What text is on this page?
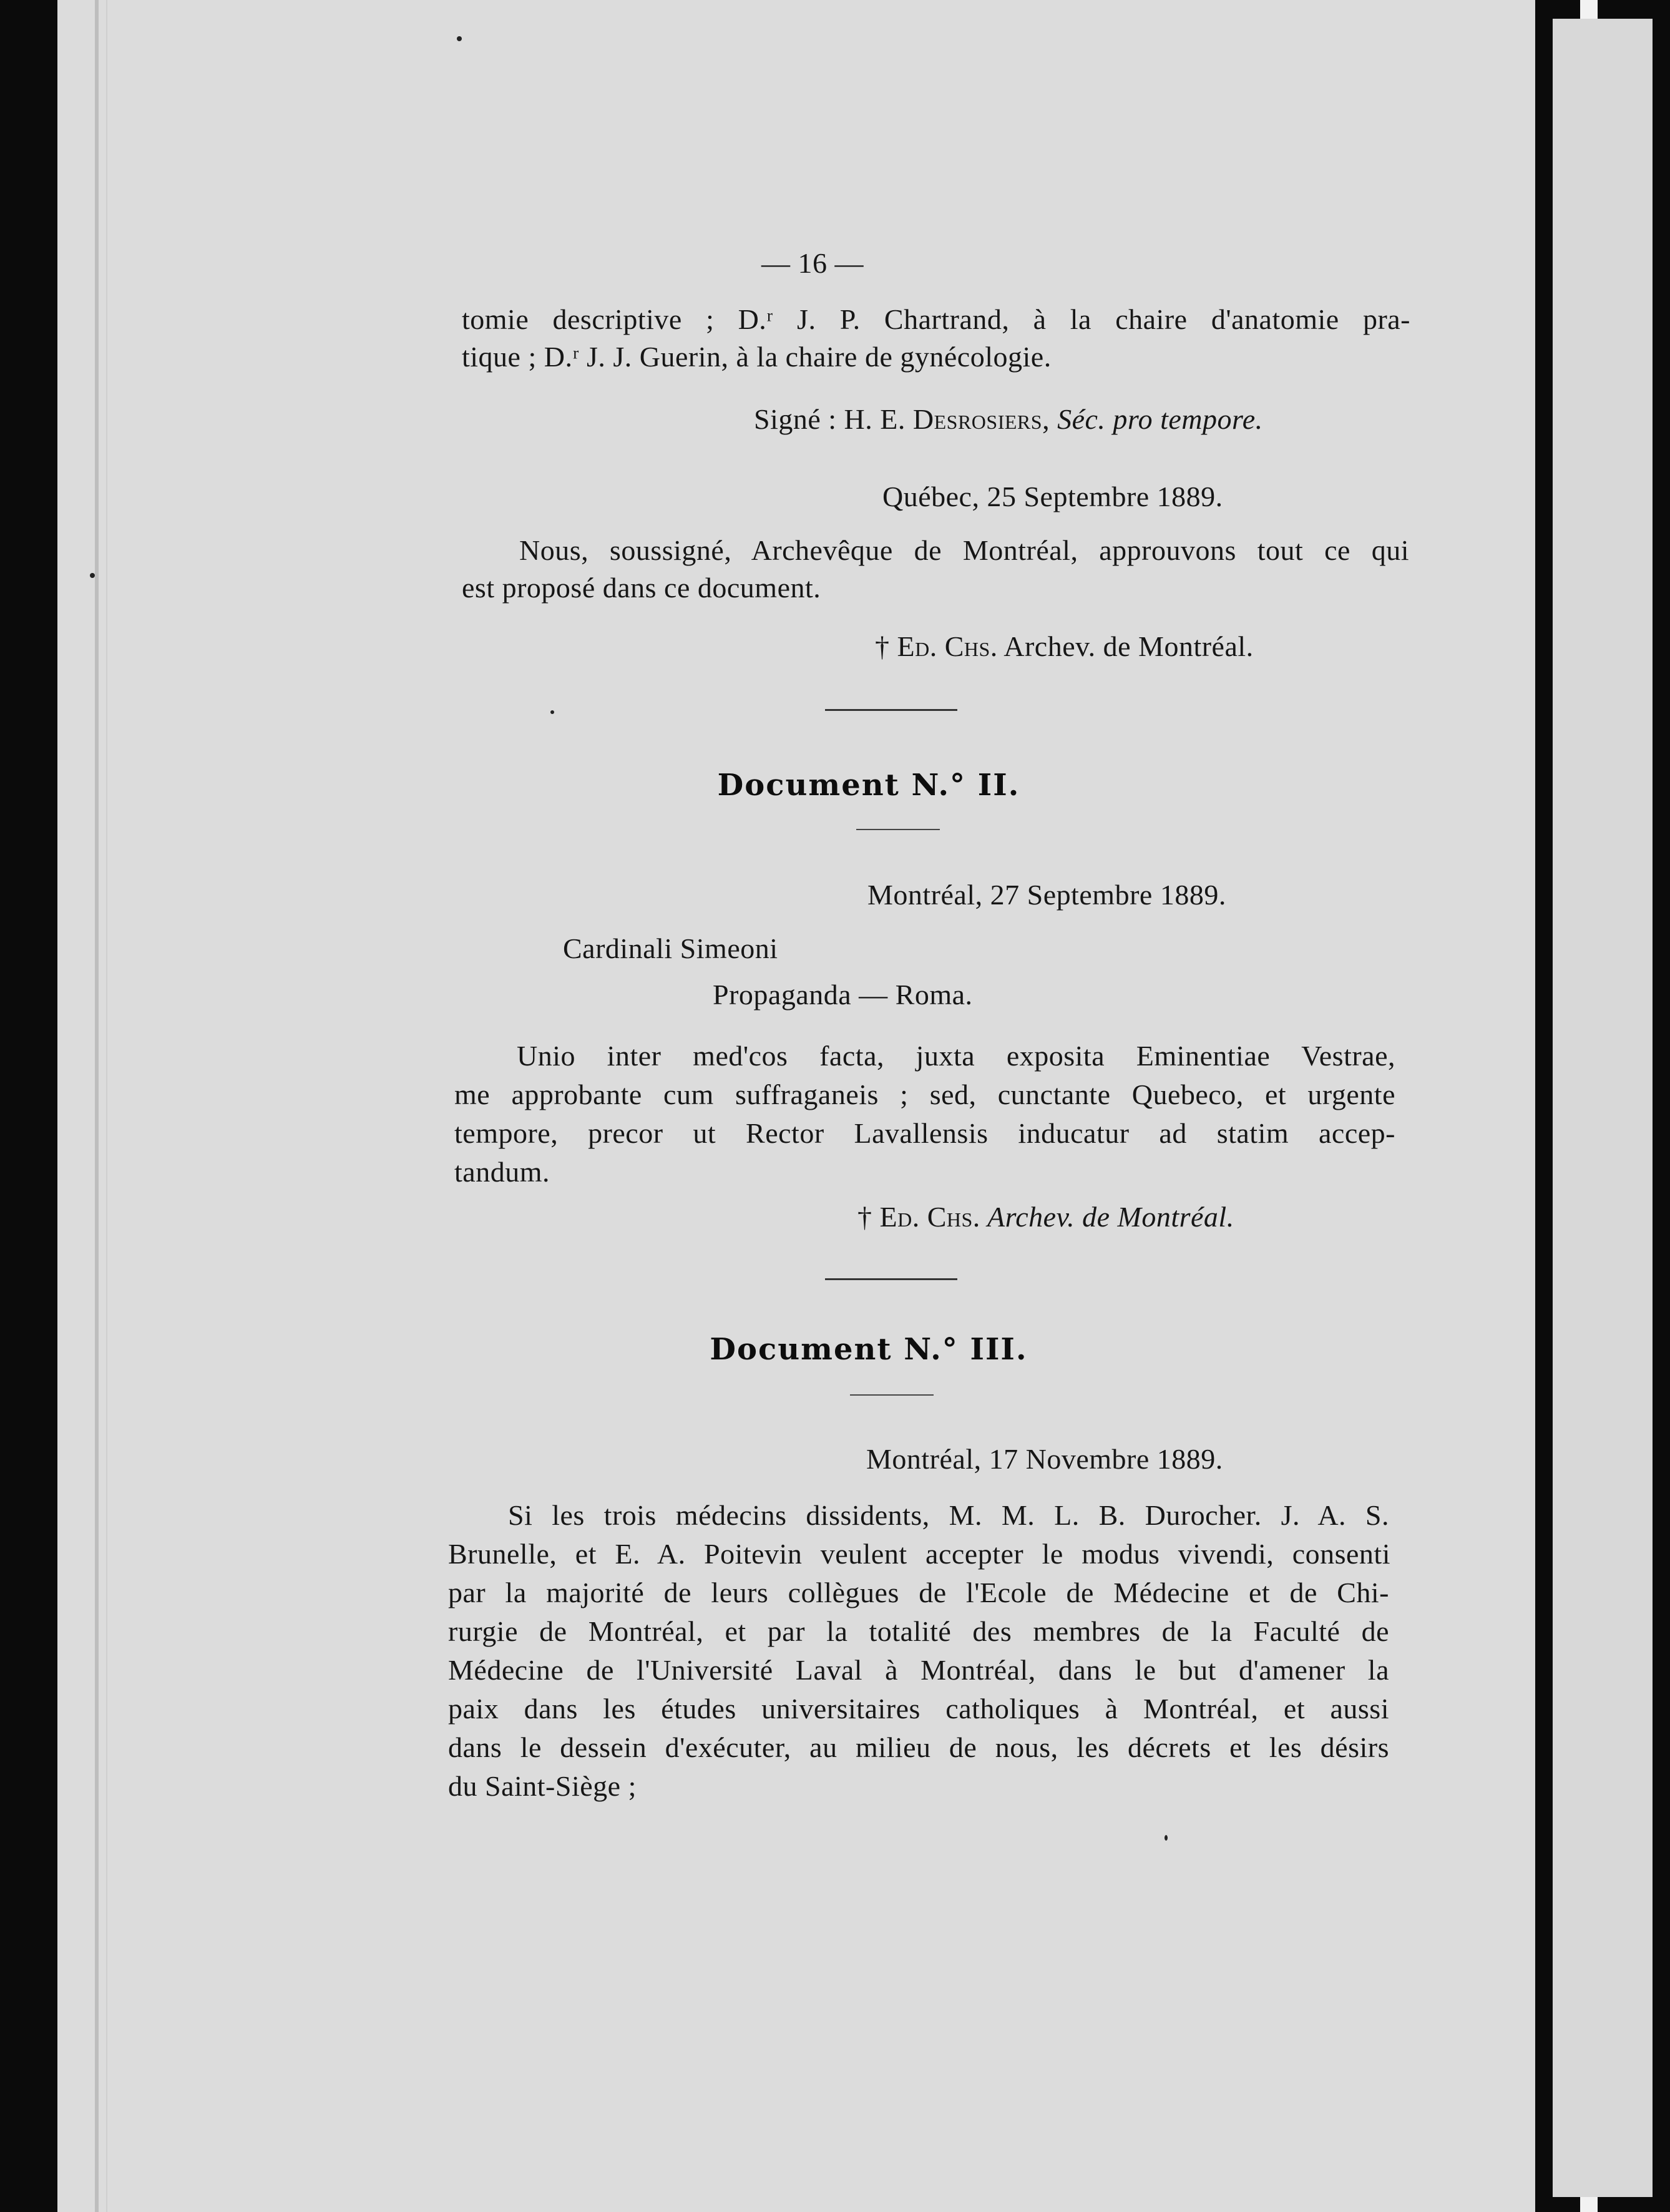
— 16 —
tomie descriptive ; D.ʳ J. P. Chartrand, à la chaire d'anatomie pra-
tique ; D.ʳ J. J. Guerin, à la chaire de gynécologie.
Signé : H. E. Desrosiers, Séc. pro tempore.
Québec, 25 Septembre 1889.
Nous, soussigné, Archevêque de Montréal, approuvons tout ce qui
est proposé dans ce document.
† Ed. Chs. Archev. de Montréal.
Document N.° II.
Montréal, 27 Septembre 1889.
Cardinali Simeoni
Propaganda — Roma.
Unio inter med'cos facta, juxta exposita Eminentiae Vestrae,
me approbante cum suffraganeis ; sed, cunctante Quebeco, et urgente
tempore, precor ut Rector Lavallensis inducatur ad statim accep-
tandum.
† Ed. Chs. Archev. de Montréal.
Document N.° III.
Montréal, 17 Novembre 1889.
Si les trois médecins dissidents, M. M. L. B. Durocher. J. A. S.
Brunelle, et E. A. Poitevin veulent accepter le modus vivendi, consenti
par la majorité de leurs collègues de l'Ecole de Médecine et de Chi-
rurgie de Montréal, et par la totalité des membres de la Faculté de
Médecine de l'Université Laval à Montréal, dans le but d'amener la
paix dans les études universitaires catholiques à Montréal, et aussi
dans le dessein d'exécuter, au milieu de nous, les décrets et les désirs
du Saint-Siège ;
